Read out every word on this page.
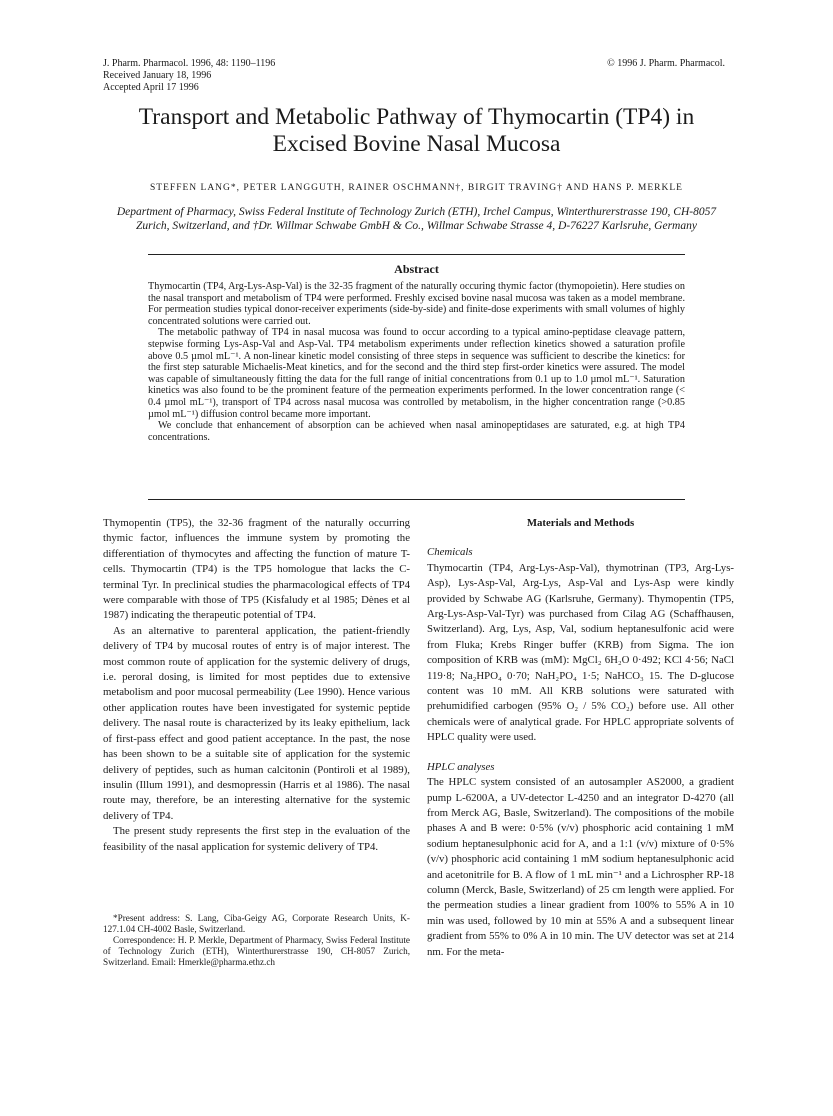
J. Pharm. Pharmacol. 1996, 48: 1190–1196
Received January 18, 1996
Accepted April 17 1996
© 1996 J. Pharm. Pharmacol.
Transport and Metabolic Pathway of Thymocartin (TP4) in
Excised Bovine Nasal Mucosa
STEFFEN LANG*, PETER LANGGUTH, RAINER OSCHMANN†, BIRGIT TRAVING† AND HANS P. MERKLE
Department of Pharmacy, Swiss Federal Institute of Technology Zurich (ETH), Irchel Campus, Winterthurerstrasse 190, CH-8057 Zurich, Switzerland, and †Dr. Willmar Schwabe GmbH & Co., Willmar Schwabe Strasse 4, D-76227 Karlsruhe, Germany
Abstract

Thymocartin (TP4, Arg-Lys-Asp-Val) is the 32-35 fragment of the naturally occuring thymic factor (thymopoietin). Here studies on the nasal transport and metabolism of TP4 were performed. Freshly excised bovine nasal mucosa was taken as a model membrane. For permeation studies typical donor-receiver experiments (side-by-side) and finite-dose experiments with small volumes of highly concentrated solutions were carried out.

The metabolic pathway of TP4 in nasal mucosa was found to occur according to a typical amino-peptidase cleavage pattern, stepwise forming Lys-Asp-Val and Asp-Val. TP4 metabolism experiments under reflection kinetics showed a saturation profile above 0.5 µmol mL⁻¹. A non-linear kinetic model consisting of three steps in sequence was sufficient to describe the kinetics: for the first step saturable Michaelis-Meat kinetics, and for the second and the third step first-order kinetics were assured. The model was capable of simultaneously fitting the data for the full range of initial concentrations from 0.1 up to 1.0 µmol mL⁻¹. Saturation kinetics was also found to be the prominent feature of the permeation experiments performed. In the lower concentration range (< 0.4 µmol mL⁻¹), transport of TP4 across nasal mucosa was controlled by metabolism, in the higher concentration range (>0.85 µmol mL⁻¹) diffusion control became more important.

We conclude that enhancement of absorption can be achieved when nasal aminopeptidases are saturated, e.g. at high TP4 concentrations.

Thymopentin (TP5), the 32-36 fragment of the naturally occurring thymic factor, influences the immune system by promoting the differentiation of thymocytes and affecting the function of mature T-cells. Thymocartin (TP4) is the TP5 homologue that lacks the C-terminal Tyr. In preclinical studies the pharmacological effects of TP4 were comparable with those of TP5 (Kisfaludy et al 1985; Dènes et al 1987) indicating the therapeutic potential of TP4.

As an alternative to parenteral application, the patient-friendly delivery of TP4 by mucosal routes of entry is of major interest. The most common route of application for the systemic delivery of drugs, i.e. peroral dosing, is limited for most peptides due to extensive metabolism and poor mucosal permeability (Lee 1990). Hence various other application routes have been investigated for systemic peptide delivery. The nasal route is characterized by its leaky epithelium, lack of first-pass effect and good patient acceptance. In the past, the nose has been shown to be a suitable site of application for the systemic delivery of peptides, such as human calcitonin (Pontiroli et al 1989), insulin (Illum 1991), and desmopressin (Harris et al 1986). The nasal route may, therefore, be an interesting alternative for the systemic delivery of TP4.

The present study represents the first step in the evaluation of the feasibility of the nasal application for systemic delivery of TP4.

*Present address: S. Lang, Ciba-Geigy AG, Corporate Research Units, K-127.1.04 CH-4002 Basle, Switzerland.

Correspondence: H. P. Merkle, Department of Pharmacy, Swiss Federal Institute of Technology Zurich (ETH), Winterthurerstrasse 190, CH-8057 Zurich, Switzerland. Email: Hmerkle@pharma.ethz.ch

Materials and Methods
Chemicals

Thymocartin (TP4, Arg-Lys-Asp-Val), thymotrinan (TP3, Arg-Lys-Asp), Lys-Asp-Val, Arg-Lys, Asp-Val and Lys-Asp were kindly provided by Schwabe AG (Karlsruhe, Germany). Thymopentin (TP5, Arg-Lys-Asp-Val-Tyr) was purchased from Cilag AG (Schaffhausen, Switzerland). Arg, Lys, Asp, Val, sodium heptanesulfonic acid were from Fluka; Krebs Ringer buffer (KRB) from Sigma. The ion composition of KRB was (mM): MgCl₂ 6H₂O 0·492; KCl 4·56; NaCl 119·8; Na₂HPO₄ 0·70; NaH₂PO₄ 1·5; NaHCO₃ 15. The D-glucose content was 10 mM. All KRB solutions were saturated with prehumidified carbogen (95% O₂ / 5% CO₂) before use. All other chemicals were of analytical grade. For HPLC appropriate solvents of HPLC quality were used.

HPLC analyses

The HPLC system consisted of an autosampler AS2000, a gradient pump L-6200A, a UV-detector L-4250 and an integrator D-4270 (all from Merck AG, Basle, Switzerland). The compositions of the mobile phases A and B were: 0·5% (v/v) phosphoric acid containing 1 mM sodium heptanesulphonic acid for A, and a 1:1 (v/v) mixture of 0·5% (v/v) phosphoric acid containing 1 mM sodium heptanesulphonic acid and acetonitrile for B. A flow of 1 mL min⁻¹ and a Lichrospher RP-18 column (Merck, Basle, Switzerland) of 25 cm length were applied. For the permeation studies a linear gradient from 100% to 55% A in 10 min was used, followed by 10 min at 55% A and a subsequent linear gradient from 55% to 0% A in 10 min. The UV detector was set at 214 nm. For the meta-
